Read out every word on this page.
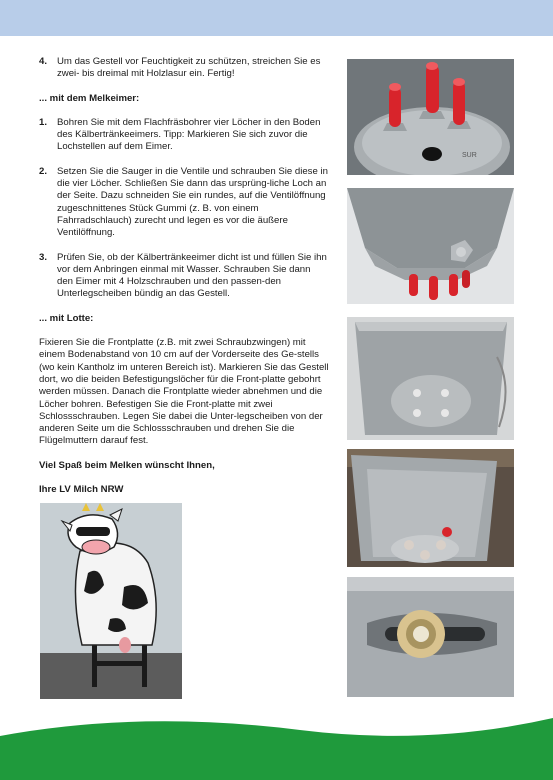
4.	Um das Gestell vor Feuchtigkeit zu schützen, streichen Sie es zwei- bis dreimal mit Holzlasur ein. Fertig!
... mit dem Melkeimer:
1.	Bohren Sie mit dem Flachfräsbohrer vier Löcher in den Boden des Kälbertränkeeimers. Tipp: Markieren Sie sich zuvor die Lochstellen auf dem Eimer.
2.	Setzen Sie die Sauger in die Ventile und schrauben Sie diese in die vier Löcher. Schließen Sie dann das ursprüng-liche Loch an der Seite. Dazu schneiden Sie ein rundes, auf die Ventilöffnung zugeschnittenes Stück Gummi (z. B. von einem Fahrradschlauch) zurecht und legen es vor die äußere Ventilöffnung.
3.	Prüfen Sie, ob der Kälbertränkeeimer dicht ist und füllen Sie ihn vor dem Anbringen einmal mit Wasser. Schrauben Sie dann den Eimer mit 4 Holzschrauben und den passen-den Unterlegscheiben bündig an das Gestell.
... mit Lotte:
Fixieren Sie die Frontplatte (z.B. mit zwei Schraubzwingen) mit einem Bodenabstand von 10 cm auf der Vorderseite des Ge-stells (wo kein Kantholz im unteren Bereich ist). Markieren Sie das Gestell dort, wo die beiden Befestigungslöcher für die Front-platte gebohrt werden müssen. Danach die Frontplatte wieder abnehmen und die Löcher bohren. Befestigen Sie die Front-platte mit zwei Schlossschrauben. Legen Sie dabei die Unter-legscheiben von der anderen Seite um die Schlossschrauben und drehen Sie die Flügelmuttern darauf fest.
Viel Spaß beim Melken wünscht Ihnen,
Ihre LV Milch NRW
SUR
